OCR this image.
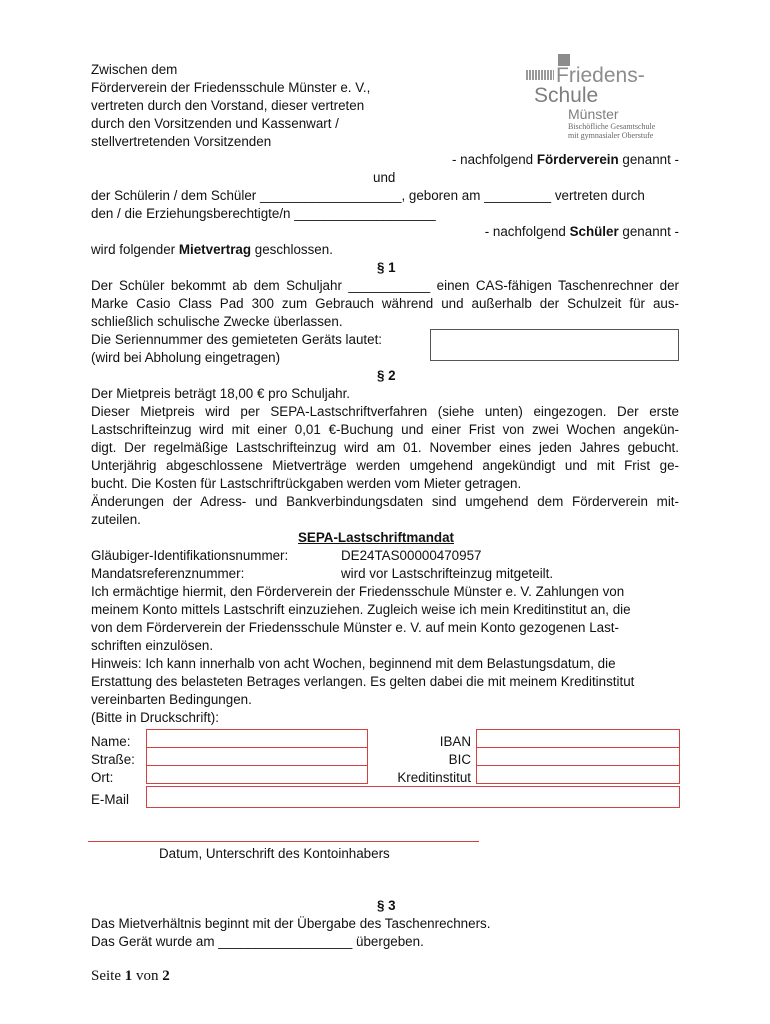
Friedens-
Schule
Münster
Bischöfliche Gesamtschule
mit gymnasialer Oberstufe
Zwischen dem
Förderverein der Friedensschule Münster e. V.,
vertreten durch den Vorstand, dieser vertreten
durch den Vorsitzenden und Kassenwart /
stellvertretenden Vorsitzenden
- nachfolgend Förderverein genannt -
und
der Schülerin / dem Schüler ___________________, geboren am _________ vertreten durch
den / die Erziehungsberechtigte/n ___________________
- nachfolgend Schüler genannt -
wird folgender Mietvertrag geschlossen.
§ 1
Der Schüler bekommt ab dem Schuljahr ___________ einen CAS-fähigen Taschenrechner der
Marke Casio Class Pad 300 zum Gebrauch während und außerhalb der Schulzeit für aus-
schließlich schulische Zwecke überlassen.
Die Seriennummer des gemieteten Geräts lautet:
(wird bei Abholung eingetragen)
§ 2
Der Mietpreis beträgt 18,00 € pro Schuljahr.
Dieser Mietpreis wird per SEPA-Lastschriftverfahren (siehe unten) eingezogen. Der erste
Lastschrifteinzug wird mit einer 0,01 €-Buchung und einer Frist von zwei Wochen angekün-
digt. Der regelmäßige Lastschrifteinzug wird am 01. November eines jeden Jahres gebucht.
Unterjährig abgeschlossene Mietverträge werden umgehend angekündigt und mit Frist ge-
bucht. Die Kosten für Lastschriftrückgaben werden vom Mieter getragen.
Änderungen der Adress- und Bankverbindungsdaten sind umgehend dem Förderverein mit-
zuteilen.
SEPA-Lastschriftmandat
Gläubiger-Identifikationsnummer:	DE24TAS00000470957
Mandatsreferenznummer:	wird vor Lastschrifteinzug mitgeteilt.
Ich ermächtige hiermit, den Förderverein der Friedensschule Münster e. V. Zahlungen von
meinem Konto mittels Lastschrift einzuziehen. Zugleich weise ich mein Kreditinstitut an, die
von dem Förderverein der Friedensschule Münster e. V. auf mein Konto gezogenen Last-
schriften einzulösen.
Hinweis: Ich kann innerhalb von acht Wochen, beginnend mit dem Belastungsdatum, die
Erstattung des belasteten Betrages verlangen. Es gelten dabei die mit meinem Kreditinstitut
vereinbarten Bedingungen.
(Bitte in Druckschrift):
Name:
Straße:
Ort:
E-Mail
IBAN
BIC
Kreditinstitut
Datum, Unterschrift des Kontoinhabers
§ 3
Das Mietverhältnis beginnt mit der Übergabe des Taschenrechners.
Das Gerät wurde am __________________ übergeben.
Seite 1 von 2
